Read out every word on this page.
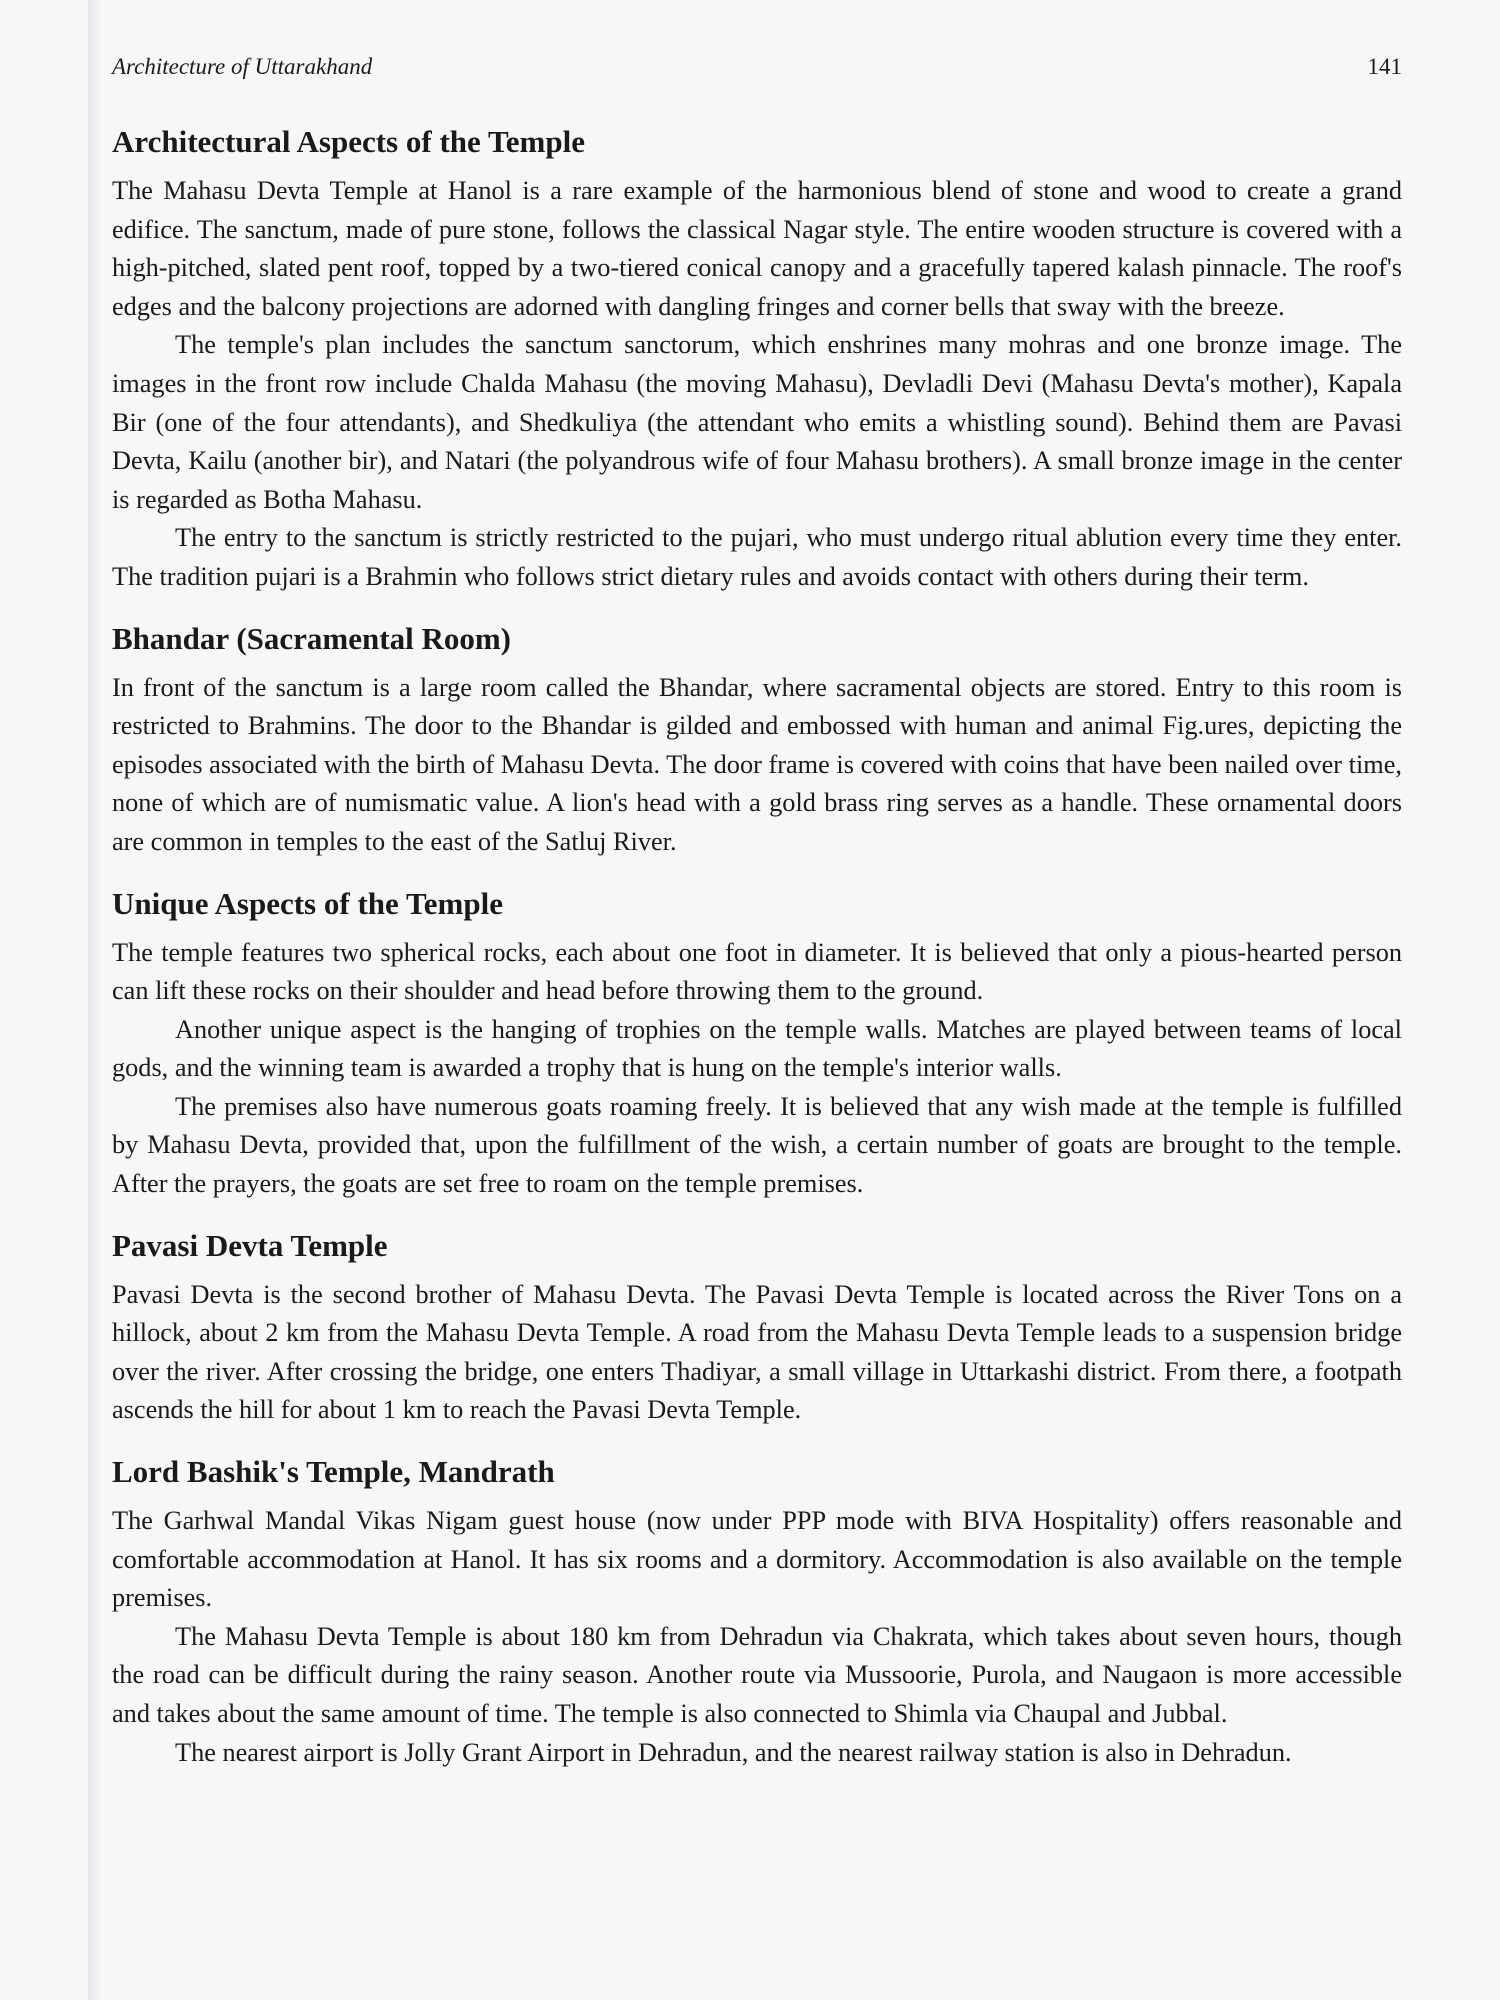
Architecture of Uttarakhand	141
Architectural Aspects of the Temple

The Mahasu Devta Temple at Hanol is a rare example of the harmonious blend of stone and wood to create a grand edifice. The sanctum, made of pure stone, follows the classical Nagar style. The entire wooden structure is covered with a high-pitched, slated pent roof, topped by a two-tiered conical canopy and a gracefully tapered kalash pinnacle. The roof's edges and the balcony projections are adorned with dangling fringes and corner bells that sway with the breeze.

The temple's plan includes the sanctum sanctorum, which enshrines many mohras and one bronze image. The images in the front row include Chalda Mahasu (the moving Mahasu), Devladli Devi (Mahasu Devta's mother), Kapala Bir (one of the four attendants), and Shedkuliya (the attendant who emits a whistling sound). Behind them are Pavasi Devta, Kailu (another bir), and Natari (the polyandrous wife of four Mahasu brothers). A small bronze image in the center is regarded as Botha Mahasu.

The entry to the sanctum is strictly restricted to the pujari, who must undergo ritual ablution every time they enter. The tradition pujari is a Brahmin who follows strict dietary rules and avoids contact with others during their term.

Bhandar (Sacramental Room)

In front of the sanctum is a large room called the Bhandar, where sacramental objects are stored. Entry to this room is restricted to Brahmins. The door to the Bhandar is gilded and embossed with human and animal Fig.ures, depicting the episodes associated with the birth of Mahasu Devta. The door frame is covered with coins that have been nailed over time, none of which are of numismatic value. A lion's head with a gold brass ring serves as a handle. These ornamental doors are common in temples to the east of the Satluj River.

Unique Aspects of the Temple

The temple features two spherical rocks, each about one foot in diameter. It is believed that only a pious-hearted person can lift these rocks on their shoulder and head before throwing them to the ground.

Another unique aspect is the hanging of trophies on the temple walls. Matches are played between teams of local gods, and the winning team is awarded a trophy that is hung on the temple's interior walls.

The premises also have numerous goats roaming freely. It is believed that any wish made at the temple is fulfilled by Mahasu Devta, provided that, upon the fulfillment of the wish, a certain number of goats are brought to the temple. After the prayers, the goats are set free to roam on the temple premises.

Pavasi Devta Temple

Pavasi Devta is the second brother of Mahasu Devta. The Pavasi Devta Temple is located across the River Tons on a hillock, about 2 km from the Mahasu Devta Temple. A road from the Mahasu Devta Temple leads to a suspension bridge over the river. After crossing the bridge, one enters Thadiyar, a small village in Uttarkashi district. From there, a footpath ascends the hill for about 1 km to reach the Pavasi Devta Temple.

Lord Bashik's Temple, Mandrath

The Garhwal Mandal Vikas Nigam guest house (now under PPP mode with BIVA Hospitality) offers reasonable and comfortable accommodation at Hanol. It has six rooms and a dormitory. Accommodation is also available on the temple premises.

The Mahasu Devta Temple is about 180 km from Dehradun via Chakrata, which takes about seven hours, though the road can be difficult during the rainy season. Another route via Mussoorie, Purola, and Naugaon is more accessible and takes about the same amount of time. The temple is also connected to Shimla via Chaupal and Jubbal.

The nearest airport is Jolly Grant Airport in Dehradun, and the nearest railway station is also in Dehradun.
